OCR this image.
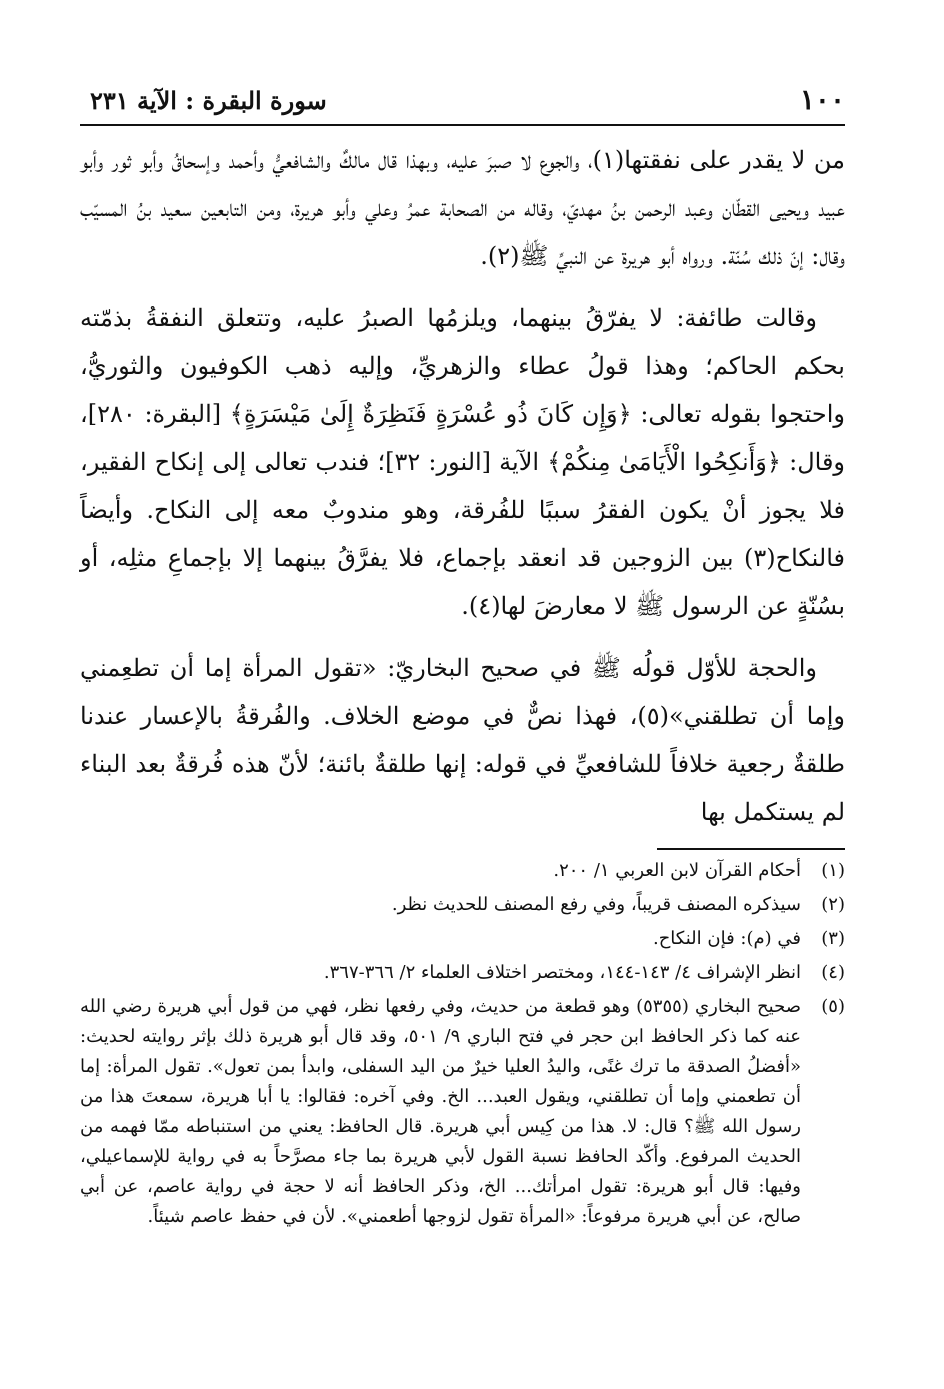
١٠٠
سورة البقرة : الآية ٢٣١

من لا يقدر على نفقتها(١)، والجوع لا صبرَ عليه، وبهذا قال مالكٌ والشافعيُّ وأحمد وإسحاقُ وأبو ثور وأبو عبيد ويحيى القطّان وعبد الرحمن بنُ مهديّ، وقاله من الصحابة عمرُ وعلي وأبو هريرة، ومن التابعين سعيد بنُ المسيّب وقال: إنّ ذلك سُنّة. ورواه أبو هريرة عن النبيِّ ﷺ(٢).

وقالت طائفة: لا يفرّقُ بينهما، ويلزمُها الصبرُ عليه، وتتعلق النفقةُ بذمّته بحكم الحاكم؛ وهذا قولُ عطاء والزهريِّ، وإليه ذهب الكوفيون والثوريُّ، واحتجوا بقوله تعالى: ﴿وَإِن كَانَ ذُو عُسْرَةٍ فَنَظِرَةٌ إِلَىٰ مَيْسَرَةٍ﴾ [البقرة: ٢٨٠]، وقال: ﴿وَأَنكِحُوا الْأَيَامَىٰ مِنكُمْ﴾ الآية [النور: ٣٢]؛ فندب تعالى إلى إنكاح الفقير، فلا يجوز أنْ يكون الفقرُ سببًا للفُرقة، وهو مندوبٌ معه إلى النكاح. وأيضاً فالنكاح(٣) بين الزوجين قد انعقد بإجماع، فلا يفرَّقُ بينهما إلا بإجماعِ مثلِه، أو بسُنّةٍ عن الرسول ﷺ لا معارضَ لها(٤).

والحجة للأوّل قولُه ﷺ في صحيح البخاريّ: «تقول المرأة إما أن تطعِمني وإما أن تطلقني»(٥)، فهذا نصٌّ في موضع الخلاف. والفُرقةُ بالإعسار عندنا طلقةٌ رجعية خلافاً للشافعيِّ في قوله: إنها طلقةٌ بائنة؛ لأنّ هذه فُرقةٌ بعد البناء لم يستكمل بها

(١)
أحكام القرآن لابن العربي ١/ ٢٠٠.
(٢)
سيذكره المصنف قريباً، وفي رفع المصنف للحديث نظر.
(٣)
في (م): فإن النكاح.
(٤)
انظر الإشراف ٤/ ١٤٣-١٤٤، ومختصر اختلاف العلماء ٢/ ٣٦٦-٣٦٧.
(٥)
صحيح البخاري (٥٣٥٥) وهو قطعة من حديث، وفي رفعها نظر، فهي من قول أبي هريرة رضي الله عنه كما ذكر الحافظ ابن حجر في فتح الباري ٩/ ٥٠١، وقد قال أبو هريرة ذلك بإثر روايته لحديث: «أفضلُ الصدقة ما ترك غنًى، واليدُ العليا خيرٌ من اليد السفلى، وابدأ بمن تعول». تقول المرأة: إما أن تطعمني وإما أن تطلقني، ويقول العبد... الخ. وفي آخره: فقالوا: يا أبا هريرة، سمعتَ هذا من رسول الله ﷺ؟ قال: لا. هذا من كِيس أبي هريرة. قال الحافظ: يعني من استنباطه ممّا فهمه من الحديث المرفوع. وأكّد الحافظ نسبة القول لأبي هريرة بما جاء مصرَّحاً به في رواية للإسماعيلي، وفيها: قال أبو هريرة: تقول امرأتك... الخ، وذكر الحافظ أنه لا حجة في رواية عاصم، عن أبي صالح، عن أبي هريرة مرفوعاً: «المرأة تقول لزوجها أطعمني». لأن في حفظ عاصم شيئاً.
